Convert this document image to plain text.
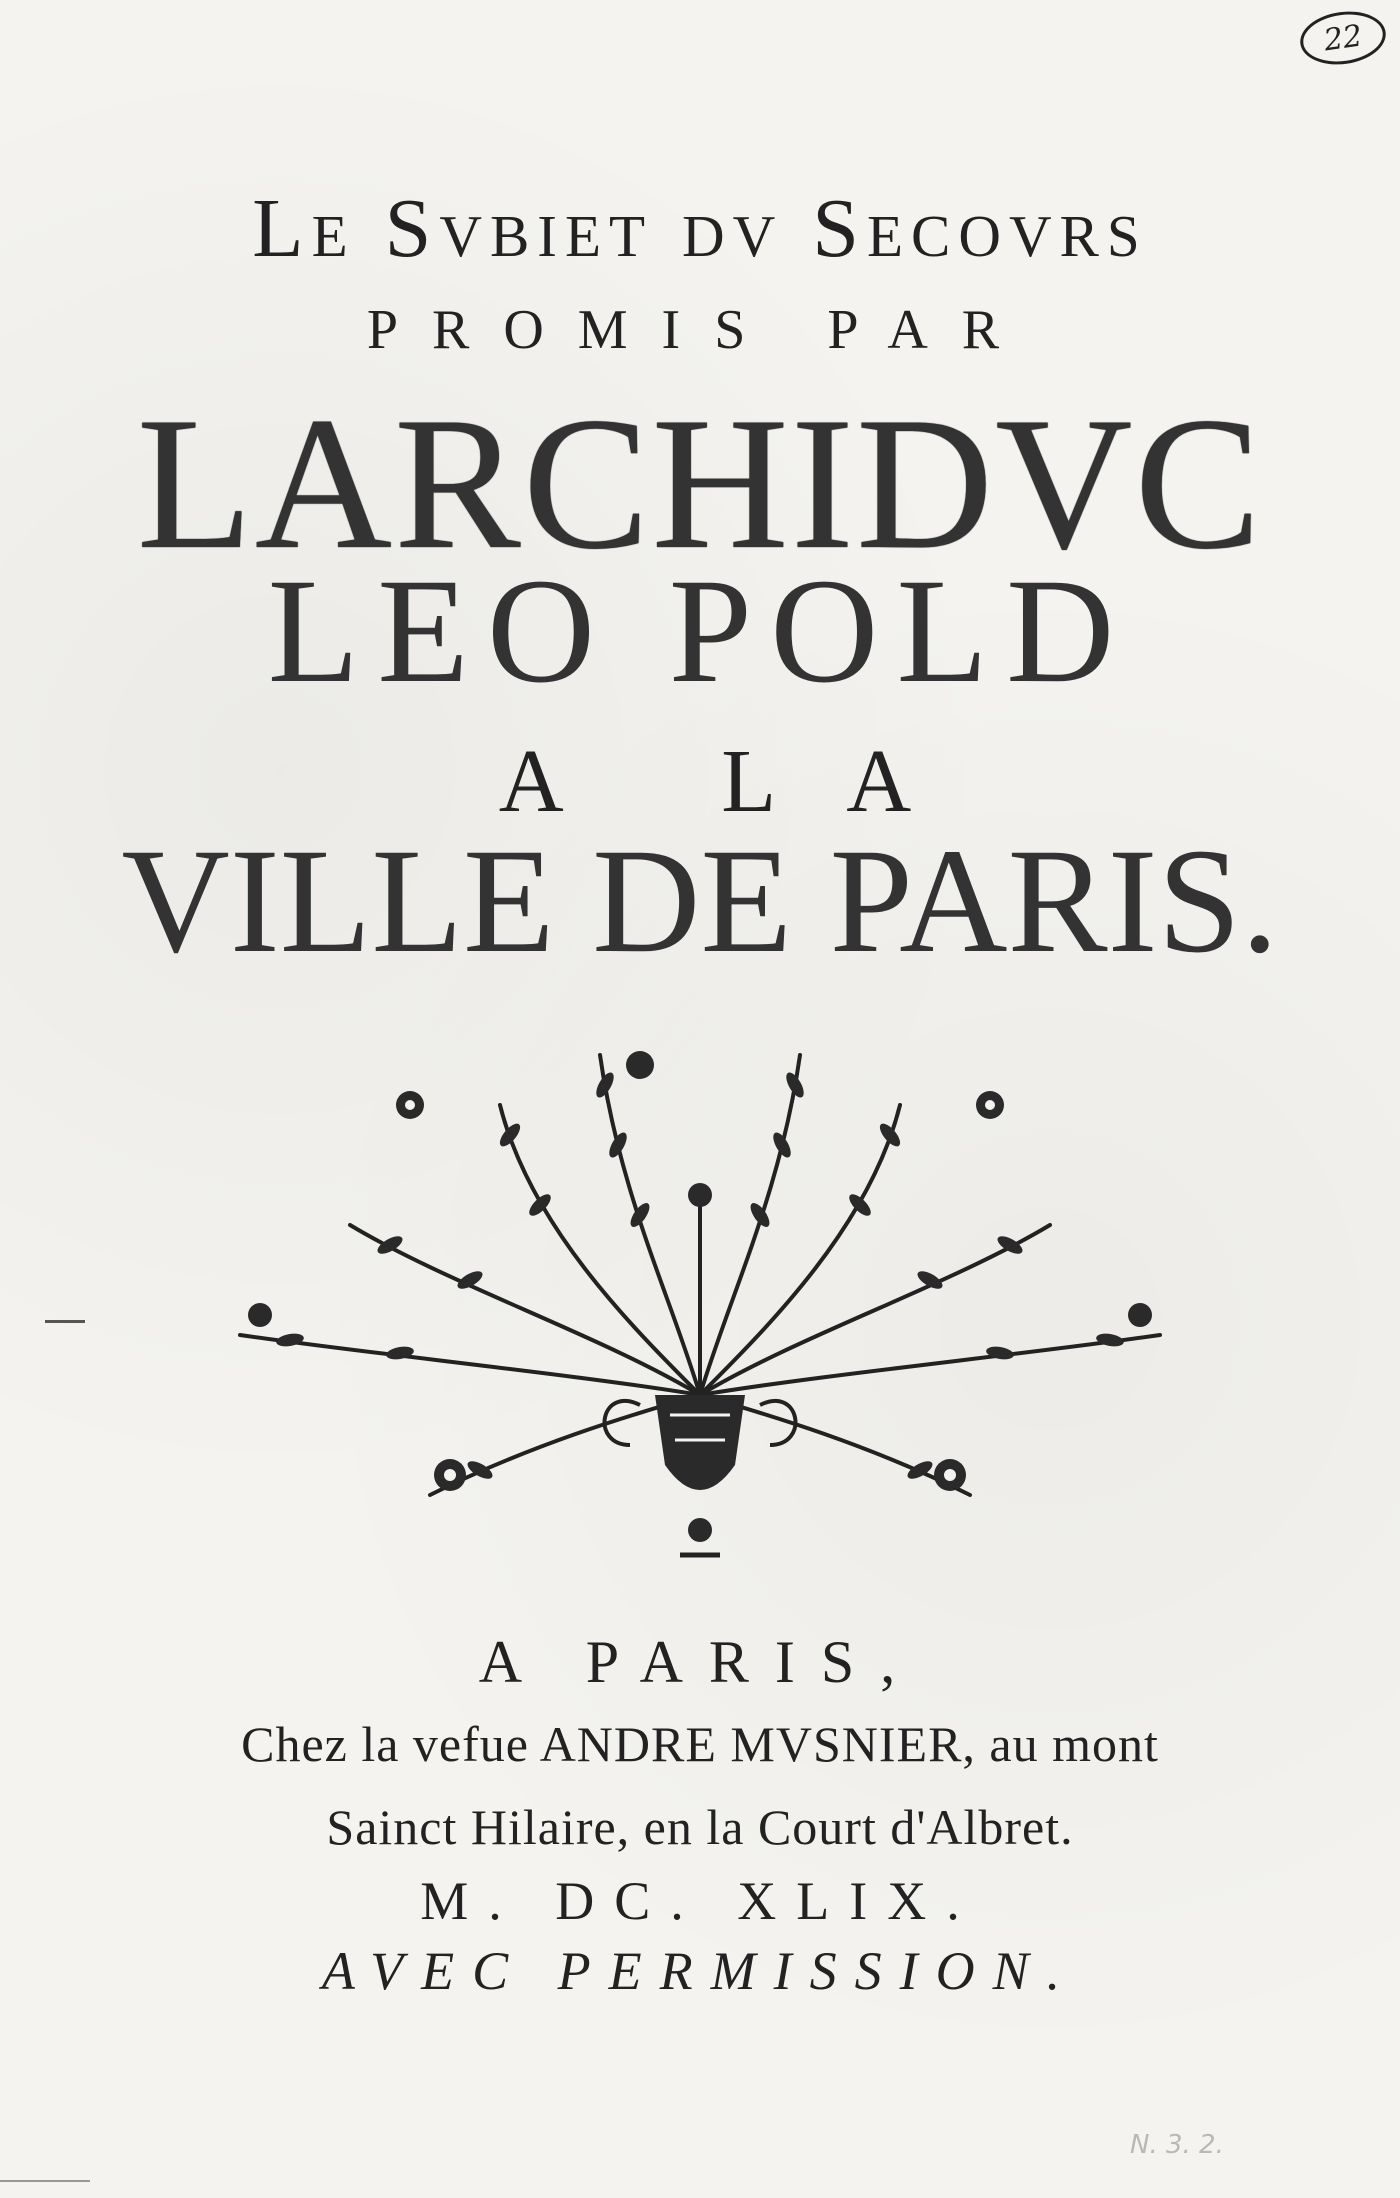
22
Le Svbiet dv Secovrs
PROMIS PAR
LARCHIDVC
LEO POLD
A LA
VILLE DE PARIS.
A PARIS,
Chez la vefue ANDRE MVSNIER, au mont
Sainct Hilaire, en la Court d'Albret.
M. DC. XLIX.
AVEC PERMISSION.
N. 3. 2.
